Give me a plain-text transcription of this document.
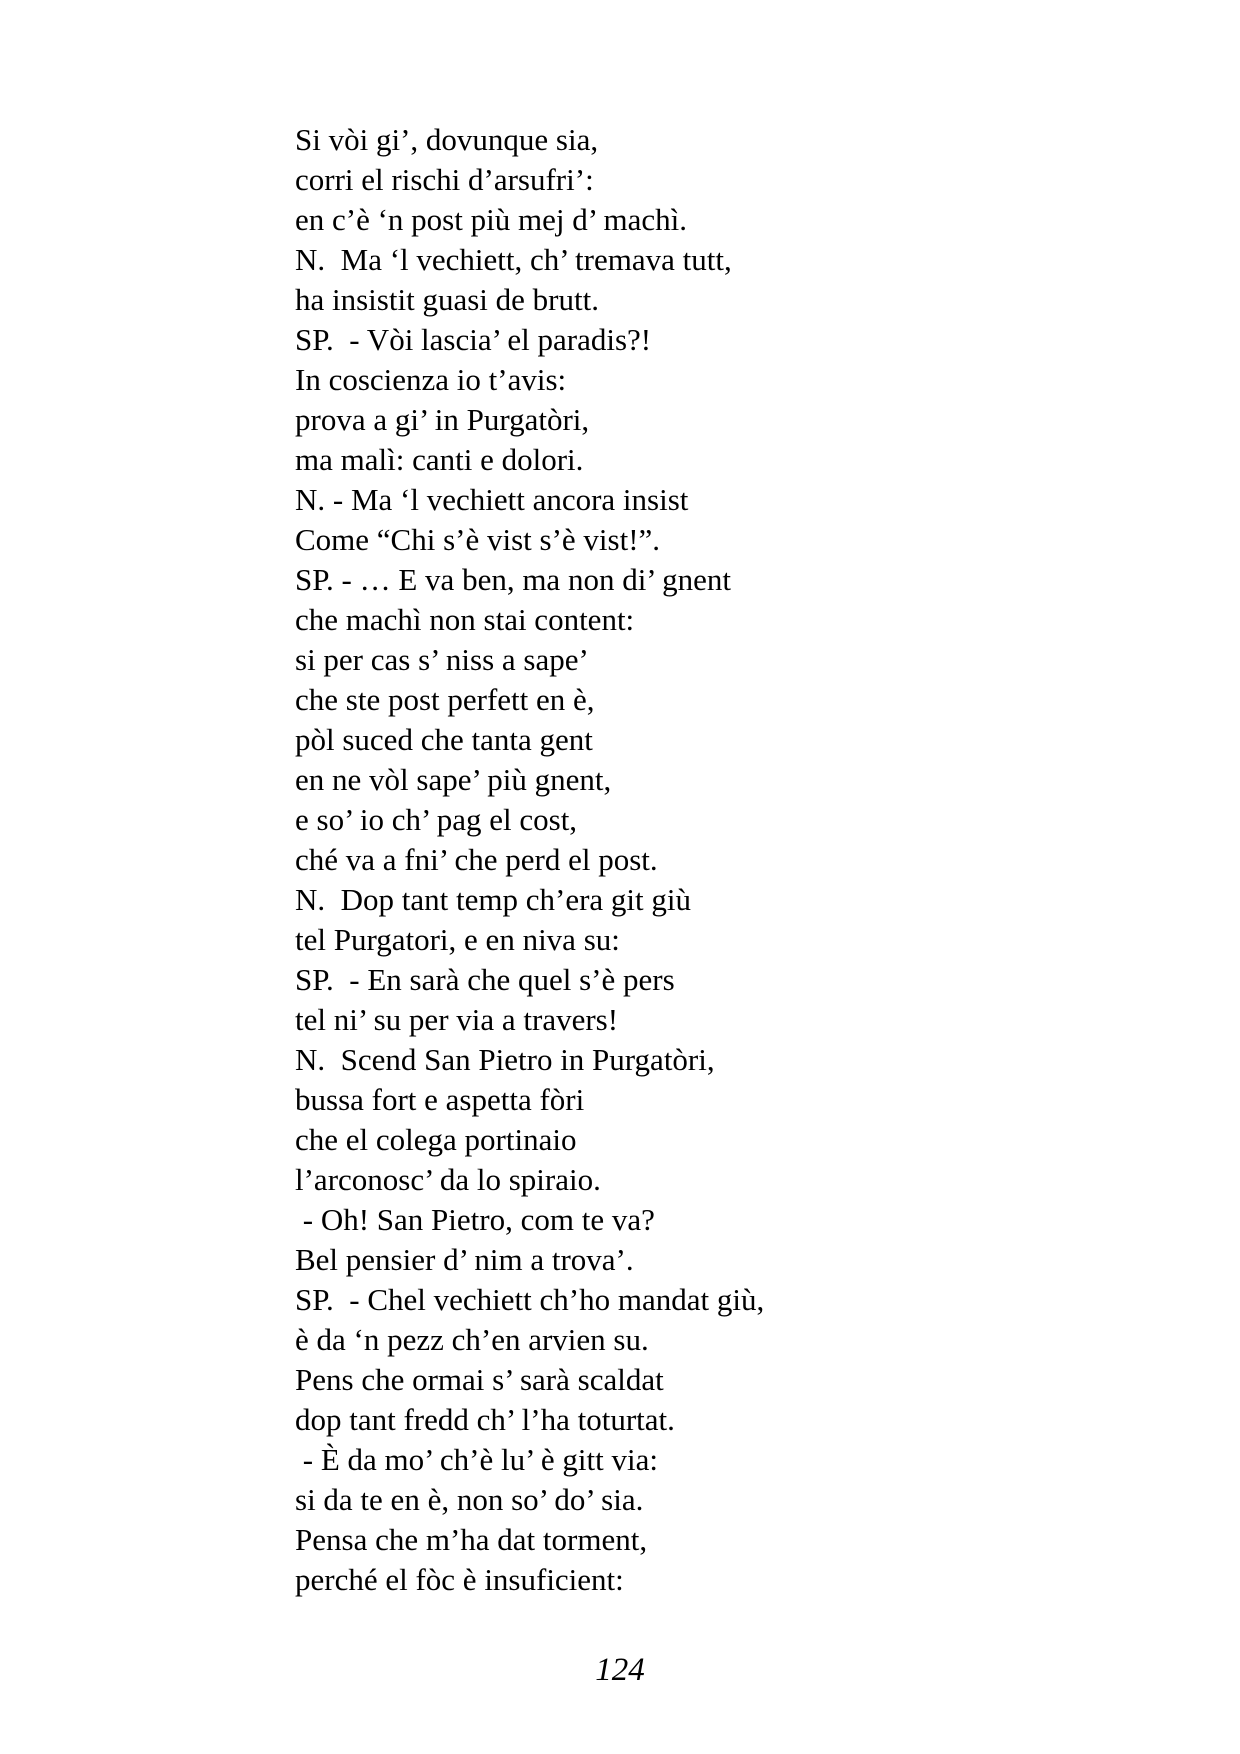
Si vòi gi’, dovunque sia,
corri el rischi d’arsufri’:
en c’è ‘n post più mej d’ machì.
N.  Ma ‘l vechiett, ch’ tremava tutt,
ha insistit guasi de brutt.
SP.  - Vòi lascia’ el paradis?!
In coscienza io t’avis:
prova a gi’ in Purgatòri,
ma malì: canti e dolori.
N. - Ma ‘l vechiett ancora insist
Come “Chi s’è vist s’è vist!”.
SP. - … E va ben, ma non di’ gnent
che machì non stai content:
si per cas s’ niss a sape’
che ste post perfett en è,
pòl suced che tanta gent
en ne vòl sape’ più gnent,
e so’ io ch’ pag el cost,
ché va a fni’ che perd el post.
N.  Dop tant temp ch’era git giù
tel Purgatori, e en niva su:
SP.  - En sarà che quel s’è pers
tel ni’ su per via a travers!
N.  Scend San Pietro in Purgatòri,
bussa fort e aspetta fòri
che el colega portinaio
l’arconosc’ da lo spiraio.
- Oh! San Pietro, com te va?
Bel pensier d’ nim a trova’.
SP.  - Chel vechiett ch’ho mandat giù,
è da ‘n pezz ch’en arvien su.
Pens che ormai s’ sarà scaldat
dop tant fredd ch’ l’ha toturtat.
- È da mo’ ch’è lu’ è gitt via:
si da te en è, non so’ do’ sia.
Pensa che m’ha dat torment,
perché el fòc è insuficient:
124
